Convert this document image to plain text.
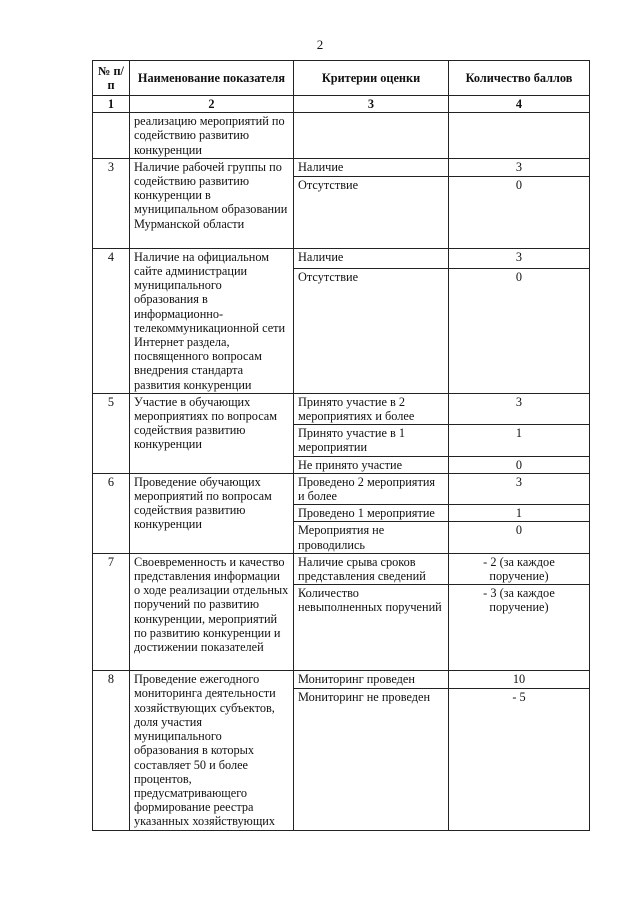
2
№ п/п	Наименование показателя	Критерии оценки	Количество баллов
1	2	3	4
	реализацию мероприятий по содействию развитию конкуренции		
3	Наличие рабочей группы по содействию развитию конкуренции в муниципальном образовании Мурманской области	Наличие	3
		Отсутствие	0
4	Наличие на официальном сайте администрации муниципального образования в информационно-телекоммуникационной сети Интернет раздела, посвященного вопросам внедрения стандарта развития конкуренции	Наличие	3
		Отсутствие	0
5	Участие в обучающих мероприятиях по вопросам содействия развитию конкуренции	Принято участие в 2 мероприятиях и более	3
		Принято участие в 1 мероприятии	1
		Не принято участие	0
6	Проведение обучающих мероприятий по вопросам содействия развитию конкуренции	Проведено 2 мероприятия и более	3
		Проведено 1 мероприятие	1
		Мероприятия не проводились	0
7	Своевременность и качество представления информации о ходе реализации отдельных поручений по развитию конкуренции, мероприятий по развитию конкуренции и достижении показателей	Наличие срыва сроков представления сведений	- 2 (за каждое поручение)
		Количество невыполненных поручений	- 3 (за каждое поручение)
8	Проведение ежегодного мониторинга деятельности хозяйствующих субъектов, доля участия муниципального образования в которых составляет 50 и более процентов, предусматривающего формирование реестра указанных хозяйствующих	Мониторинг проведен	10
		Мониторинг не проведен	- 5
